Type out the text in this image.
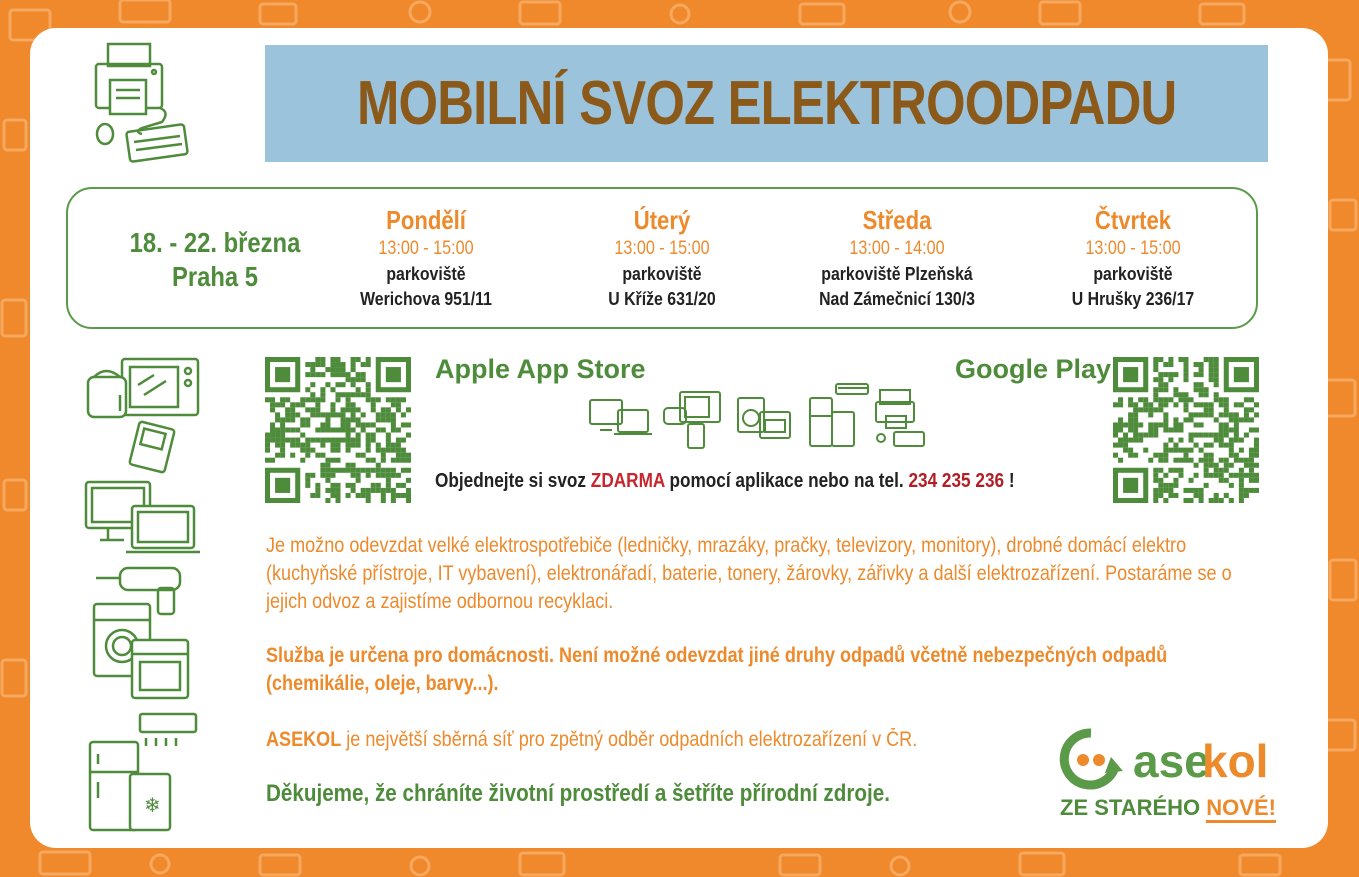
MOBILNÍ SVOZ ELEKTROODPADU
18. - 22. března
Praha 5
Pondělí
13:00 - 15:00
parkoviště
Werichova 951/11
Úterý
13:00 - 15:00
parkoviště
U Kříže 631/20
Středa
13:00 - 14:00
parkoviště Plzeňská
Nad Zámečnicí 130/3
Čtvrtek
13:00 - 15:00
parkoviště
U Hrušky 236/17
Apple App Store	Google Play
Objednejte si svoz ZDARMA pomocí aplikace nebo na tel. 234 235 236 !
❄
Je možno odevzdat velké elektrospotřebiče (ledničky, mrazáky, pračky, televizory, monitory), drobné domácí elektro (kuchyňské přístroje, IT vybavení), elektronářadí, baterie, tonery, žárovky, zářivky a další elektrozařízení. Postaráme se o jejich odvoz a zajistíme odbornou recyklaci.
Služba je určena pro domácnosti. Není možné odevzdat jiné druhy odpadů včetně nebezpečných odpadů (chemikálie, oleje, barvy...).
ASEKOL je největší sběrná síť pro zpětný odběr odpadních elektrozařízení v ČR.
Děkujeme, že chráníte životní prostředí a šetříte přírodní zdroje.
ase
kol
ZE STARÉHO NOVÉ!
